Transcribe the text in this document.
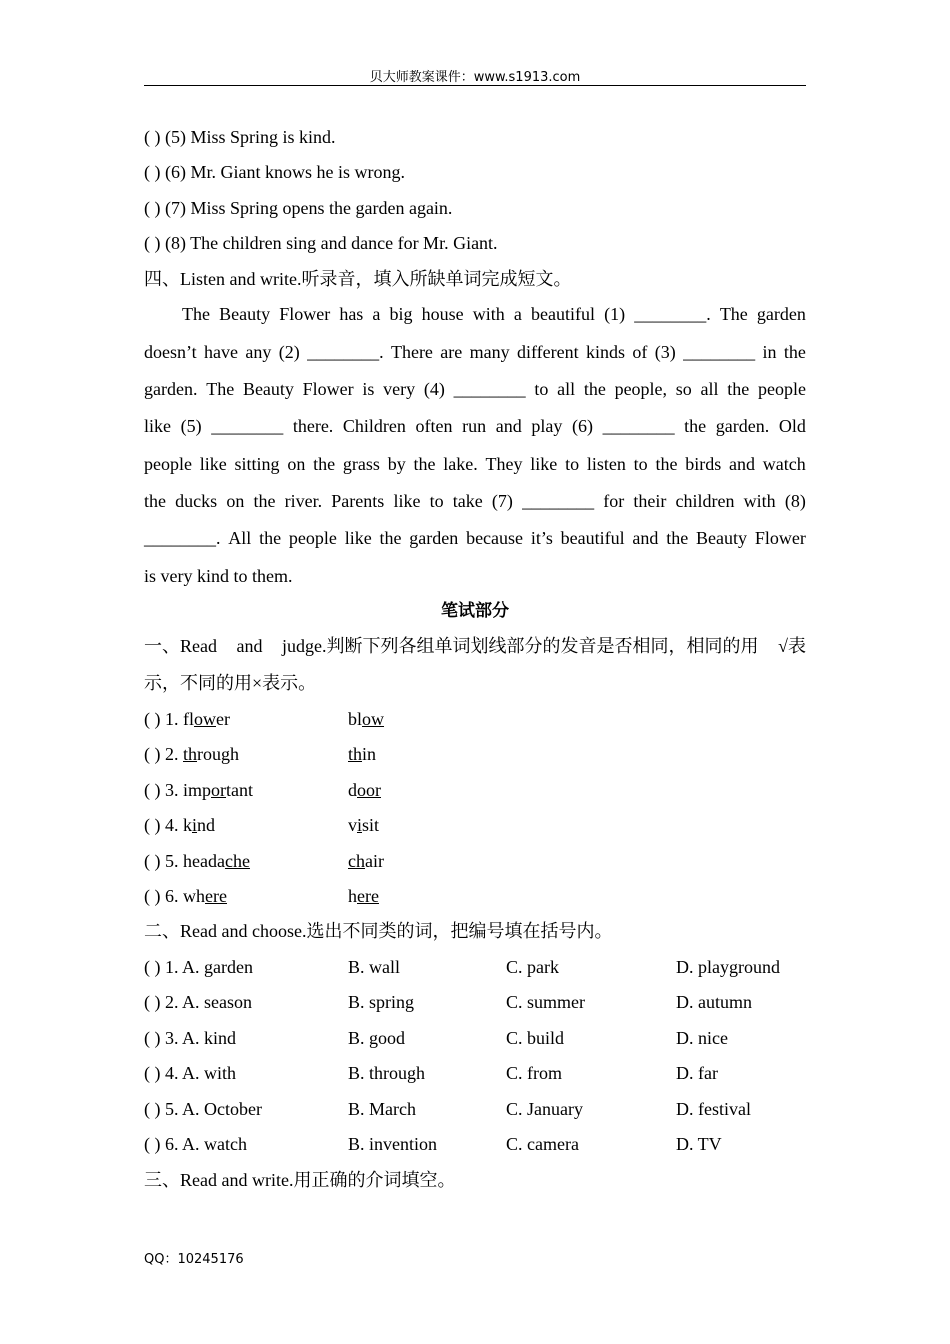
贝大师教案课件：www.s1913.com
( ) (5) Miss Spring is kind.
( ) (6) Mr. Giant knows he is wrong.
( ) (7) Miss Spring opens the garden again.
( ) (8) The children sing and dance for Mr. Giant.
四、Listen and write.听录音，填入所缺单词完成短文。
The Beauty Flower has a big house with a beautiful (1) ________. The garden
doesn’t have any (2) ________. There are many different kinds of (3) ________ in the
garden. The Beauty Flower is very (4) ________ to all the people, so all the people
like (5) ________ there. Children often run and play (6) ________ the garden. Old
people like sitting on the grass by the lake. They like to listen to the birds and watch
the ducks on the river. Parents like to take (7) ________ for their children with (8)
________. All the people like the garden because it’s beautiful and the Beauty Flower
is very kind to them.
笔试部分
一、Read and judge.判断下列各组单词划线部分的发音是否相同，相同的用 √表
示，不同的用×表示。
( ) 1. flower	blow
( ) 2. through	thin
( ) 3. important	door
( ) 4. kind	visit
( ) 5. headache	chair
( ) 6. where	here
二、Read and choose.选出不同类的词，把编号填在括号内。
( ) 1. A. garden	B. wall	C. park	D. playground
( ) 2. A. season	B. spring	C. summer	D. autumn
( ) 3. A. kind	B. good	C. build	D. nice
( ) 4. A. with	B. through	C. from	D. far
( ) 5. A. October	B. March	C. January	D. festival
( ) 6. A. watch	B. invention	C. camera	D. TV
三、Read and write.用正确的介词填空。
QQ：10245176
